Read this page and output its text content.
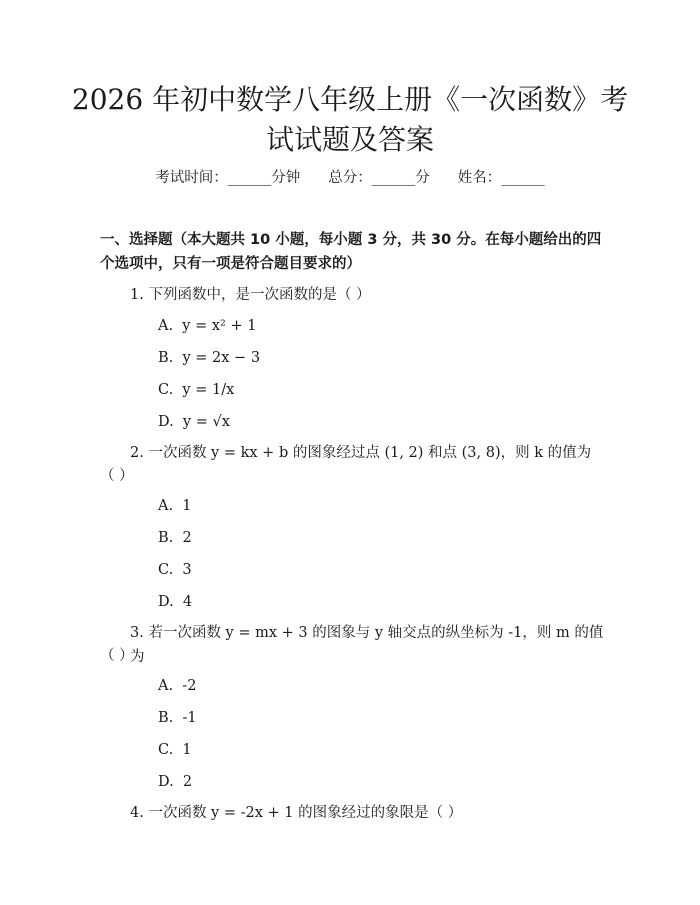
2026 年初中数学八年级上册《一次函数》考试试题及答案
考试时间：______分钟 总分：______分 姓名：______
一、选择题（本大题共 10 小题，每小题 3 分，共 30 分。在每小题给出的四个选项中，只有一项是符合题目要求的）
1. 下列函数中，是一次函数的是（ ）
A.  y = x² + 1
B.  y = 2x − 3
C.  y = 1/x
D.  y = √x
2. 一次函数 y = kx + b 的图象经过点 (1, 2) 和点 (3, 8)，则 k 的值为
（ ）
A.  1
B.  2
C.  3
D.  4
3. 若一次函数 y = mx + 3 的图象与 y 轴交点的纵坐标为 -1，则 m 的值为
（ ）
A.  -2
B.  -1
C.  1
D.  2
4. 一次函数 y = -2x + 1 的图象经过的象限是（ ）
